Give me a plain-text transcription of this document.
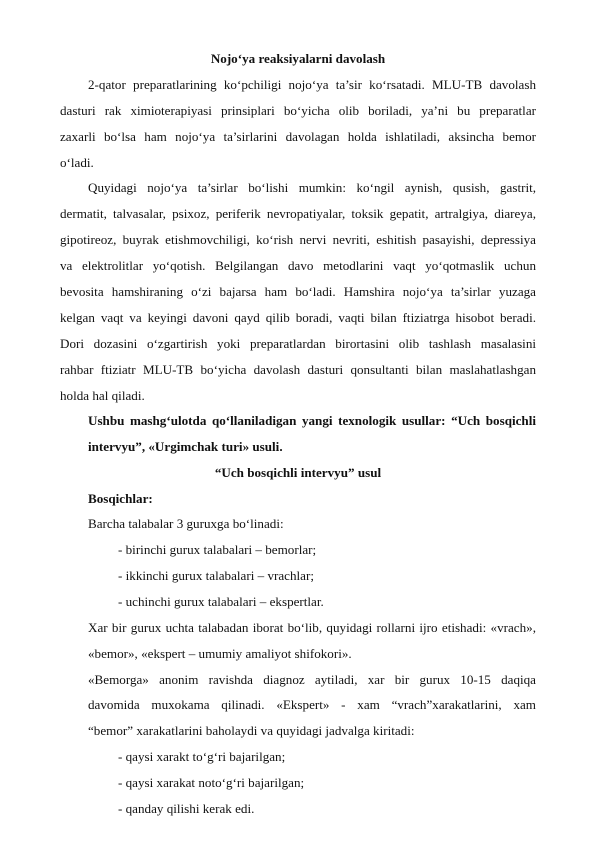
Nojo‘ya reaksiyalarni davolash
2-qator preparatlarining ko‘pchiligi nojo‘ya ta’sir ko‘rsatadi. MLU-TB davolash
dasturi rak ximioterapiyasi prinsiplari bo‘yicha olib boriladi, ya’ni bu preparatlar
zaxarli bo‘lsa ham nojo‘ya ta’sirlarini davolagan holda ishlatiladi, aksincha bemor
o‘ladi.
Quyidagi nojo‘ya ta’sirlar bo‘lishi mumkin: ko‘ngil aynish, qusish, gastrit,
dermatit, talvasalar, psixoz, periferik nevropatiyalar, toksik gepatit, artralgiya, diareya,
gipotireoz, buyrak etishmovchiligi, ko‘rish nervi nevriti, eshitish pasayishi, depressiya
va elektrolitlar yo‘qotish. Belgilangan davo metodlarini vaqt yo‘qotmaslik uchun
bevosita hamshiraning o‘zi bajarsa ham bo‘ladi. Hamshira nojo‘ya ta’sirlar yuzaga
kelgan vaqt va keyingi davoni qayd qilib boradi, vaqti bilan ftiziatrga hisobot beradi.
Dori dozasini o‘zgartirish yoki preparatlardan birortasini olib tashlash masalasini
rahbar ftiziatr MLU-TB bo‘yicha davolash dasturi qonsultanti bilan maslahatlashgan
holda hal qiladi.
Ushbu mashg‘ulotda qo‘llaniladigan yangi texnologik usullar: “Uch bosqichli
intervyu”, «Urgimchak turi» usuli.
“Uch bosqichli intervyu” usul
Bosqichlar:
Barcha talabalar 3 guruxga bo‘linadi:
- birinchi gurux talabalari – bemorlar;
- ikkinchi gurux talabalari – vrachlar;
- uchinchi gurux talabalari – ekspertlar.
Xar bir gurux uchta talabadan iborat bo‘lib, quyidagi rollarni ijro etishadi: «vrach»,
«bemor», «ekspert – umumiy amaliyot shifokori».
«Bemorga» anonim ravishda diagnoz aytiladi, xar bir gurux 10-15 daqiqa
davomida muxokama qilinadi. «Ekspert» - xam “vrach”xarakatlarini, xam
“bemor” xarakatlarini baholaydi va quyidagi jadvalga kiritadi:
- qaysi xarakt to‘g‘ri bajarilgan;
- qaysi xarakat noto‘g‘ri bajarilgan;
- qanday qilishi kerak edi.
